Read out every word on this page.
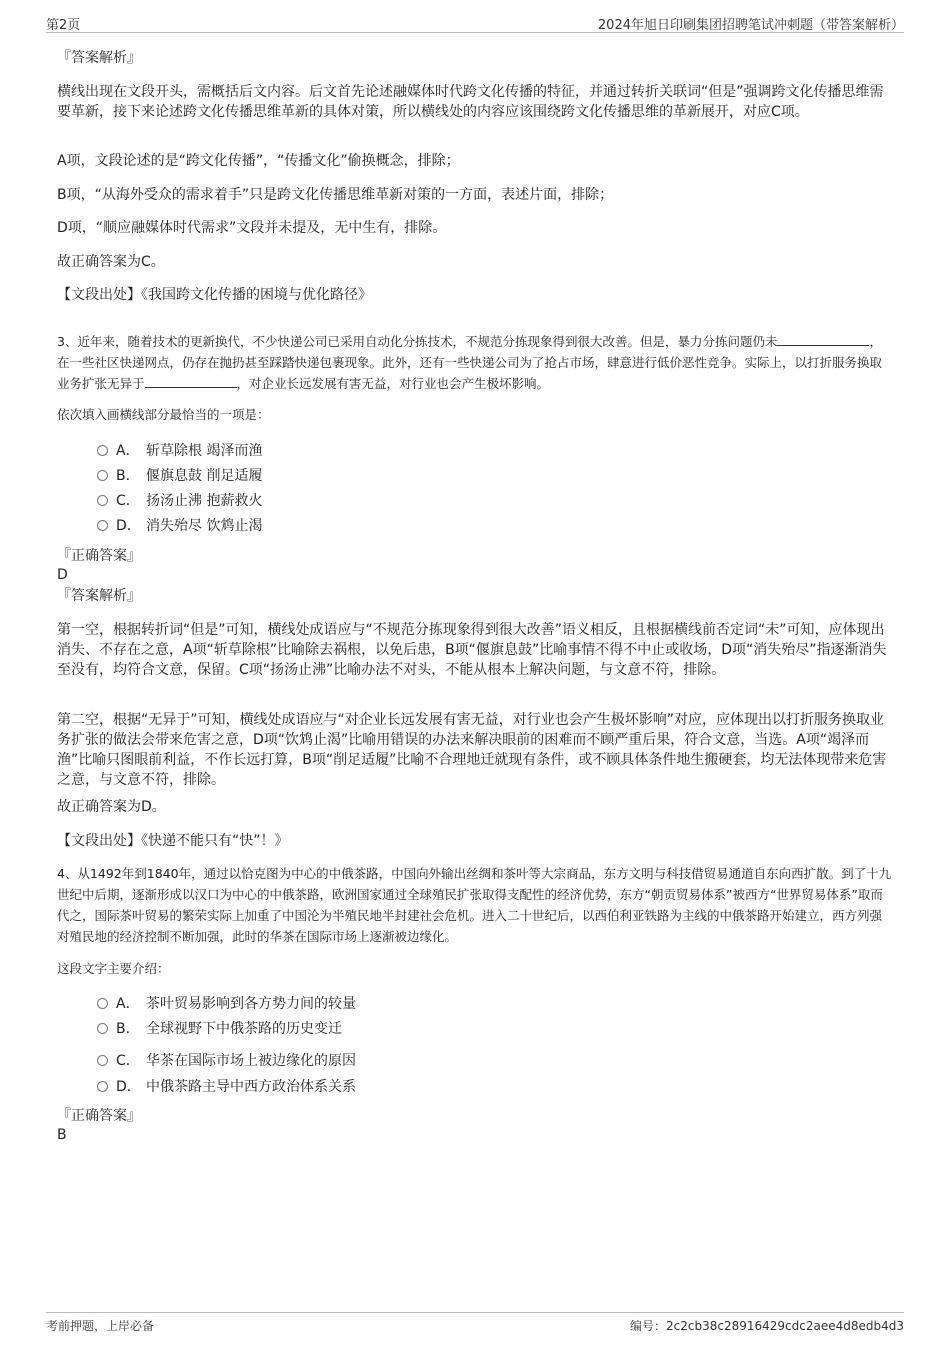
第2页	2024年旭日印刷集团招聘笔试冲刺题（带答案解析）
『答案解析』
横线出现在文段开头，需概括后文内容。后文首先论述融媒体时代跨文化传播的特征，并通过转折关联词“但是”强调跨文化传播思维需要革新，接下来论述跨文化传播思维革新的具体对策，所以横线处的内容应该围绕跨文化传播思维的革新展开，对应C项。
A项，文段论述的是“跨文化传播”，“传播文化”偷换概念，排除；
B项，“从海外受众的需求着手”只是跨文化传播思维革新对策的一方面，表述片面，排除；
D项，“顺应融媒体时代需求”文段并未提及，无中生有，排除。
故正确答案为C。
【文段出处】《我国跨文化传播的困境与优化路径》
3、近年来，随着技术的更新换代，不少快递公司已采用自动化分拣技术，不规范分拣现象得到很大改善。但是，暴力分拣问题仍未	，在一些社区快递网点，仍存在抛扔甚至踩踏快递包裹现象。此外，还有一些快递公司为了抢占市场，肆意进行低价恶性竞争。实际上，以打折服务换取业务扩张无异于	，对企业长远发展有害无益，对行业也会产生极坏影响。
依次填入画横线部分最恰当的一项是：
A． 斩草除根 竭泽而渔
B． 偃旗息鼓 削足适履
C． 扬汤止沸 抱薪救火
D． 消失殆尽 饮鸩止渴
『正确答案』
D
『答案解析』
第一空，根据转折词“但是”可知，横线处成语应与“不规范分拣现象得到很大改善”语义相反，且根据横线前否定词“未”可知，应体现出消失、不存在之意，A项“斩草除根”比喻除去祸根，以免后患，B项“偃旗息鼓”比喻事情不得不中止或收场，D项“消失殆尽”指逐渐消失至没有，均符合文意，保留。C项“扬汤止沸”比喻办法不对头，不能从根本上解决问题，与文意不符，排除。
第二空，根据“无异于”可知，横线处成语应与“对企业长远发展有害无益，对行业也会产生极坏影响”对应，应体现出以打折服务换取业务扩张的做法会带来危害之意，D项“饮鸩止渴”比喻用错误的办法来解决眼前的困难而不顾严重后果，符合文意，当选。A项“竭泽而渔”比喻只图眼前利益，不作长远打算，B项“削足适履”比喻不合理地迁就现有条件，或不顾具体条件地生搬硬套，均无法体现带来危害之意，与文意不符，排除。
故正确答案为D。
【文段出处】《快递不能只有“快”！》
4、从1492年到1840年，通过以恰克图为中心的中俄茶路，中国向外输出丝绸和茶叶等大宗商品，东方文明与科技借贸易通道自东向西扩散。到了十九世纪中后期，逐渐形成以汉口为中心的中俄茶路，欧洲国家通过全球殖民扩张取得支配性的经济优势，东方“朝贡贸易体系”被西方“世界贸易体系”取而代之，国际茶叶贸易的繁荣实际上加重了中国沦为半殖民地半封建社会危机。进入二十世纪后，以西伯利亚铁路为主线的中俄茶路开始建立，西方列强对殖民地的经济控制不断加强，此时的华茶在国际市场上逐渐被边缘化。
这段文字主要介绍：
A． 茶叶贸易影响到各方势力间的较量
B． 全球视野下中俄茶路的历史变迁
C． 华茶在国际市场上被边缘化的原因
D． 中俄茶路主导中西方政治体系关系
『正确答案』
B
考前押题，上岸必备	编号：2c2cb38c28916429cdc2aee4d8edb4d3
